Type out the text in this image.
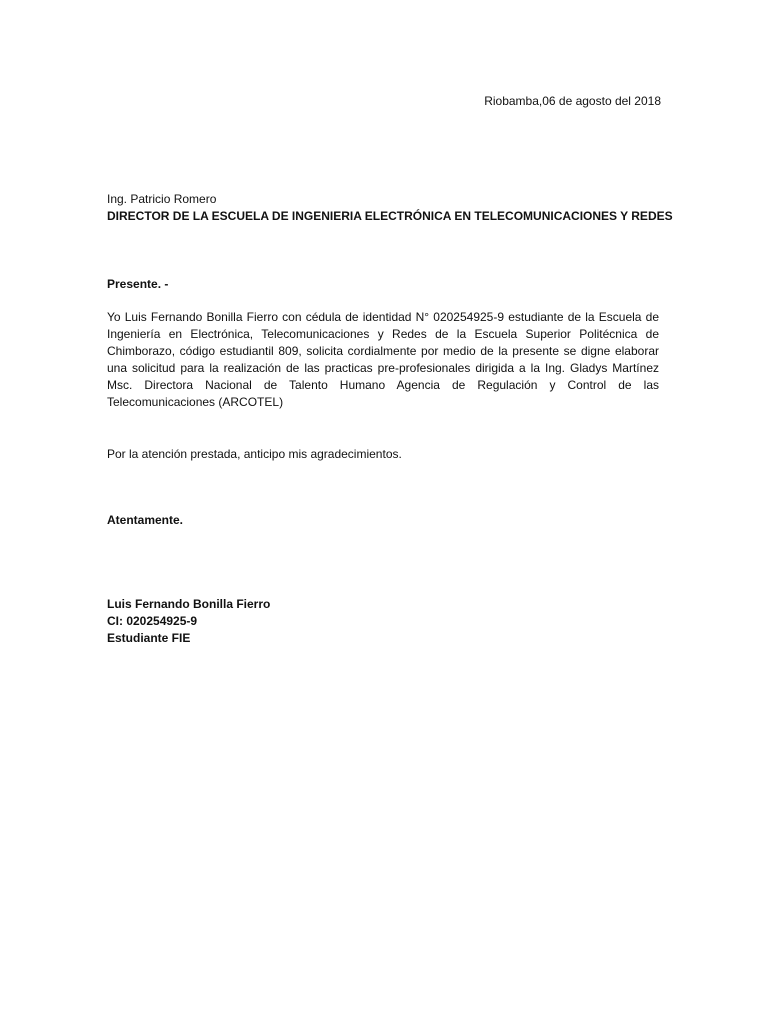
Riobamba,06 de agosto del 2018

Ing. Patricio Romero
DIRECTOR DE LA ESCUELA DE INGENIERIA ELECTRÓNICA EN TELECOMUNICACIONES Y REDES

Presente. -

Yo Luis Fernando Bonilla Fierro con cédula de identidad N° 020254925-9 estudiante de la Escuela de Ingeniería en Electrónica, Telecomunicaciones y Redes de la Escuela Superior Politécnica de Chimborazo, código estudiantil 809, solicita cordialmente por medio de la presente se digne elaborar una solicitud para la realización de las practicas pre-profesionales dirigida a la Ing. Gladys Martínez Msc. Directora Nacional de Talento Humano Agencia de Regulación y Control de las Telecomunicaciones (ARCOTEL)

Por la atención prestada, anticipo mis agradecimientos.

Atentamente.

Luis Fernando Bonilla Fierro
CI: 020254925-9
Estudiante FIE
